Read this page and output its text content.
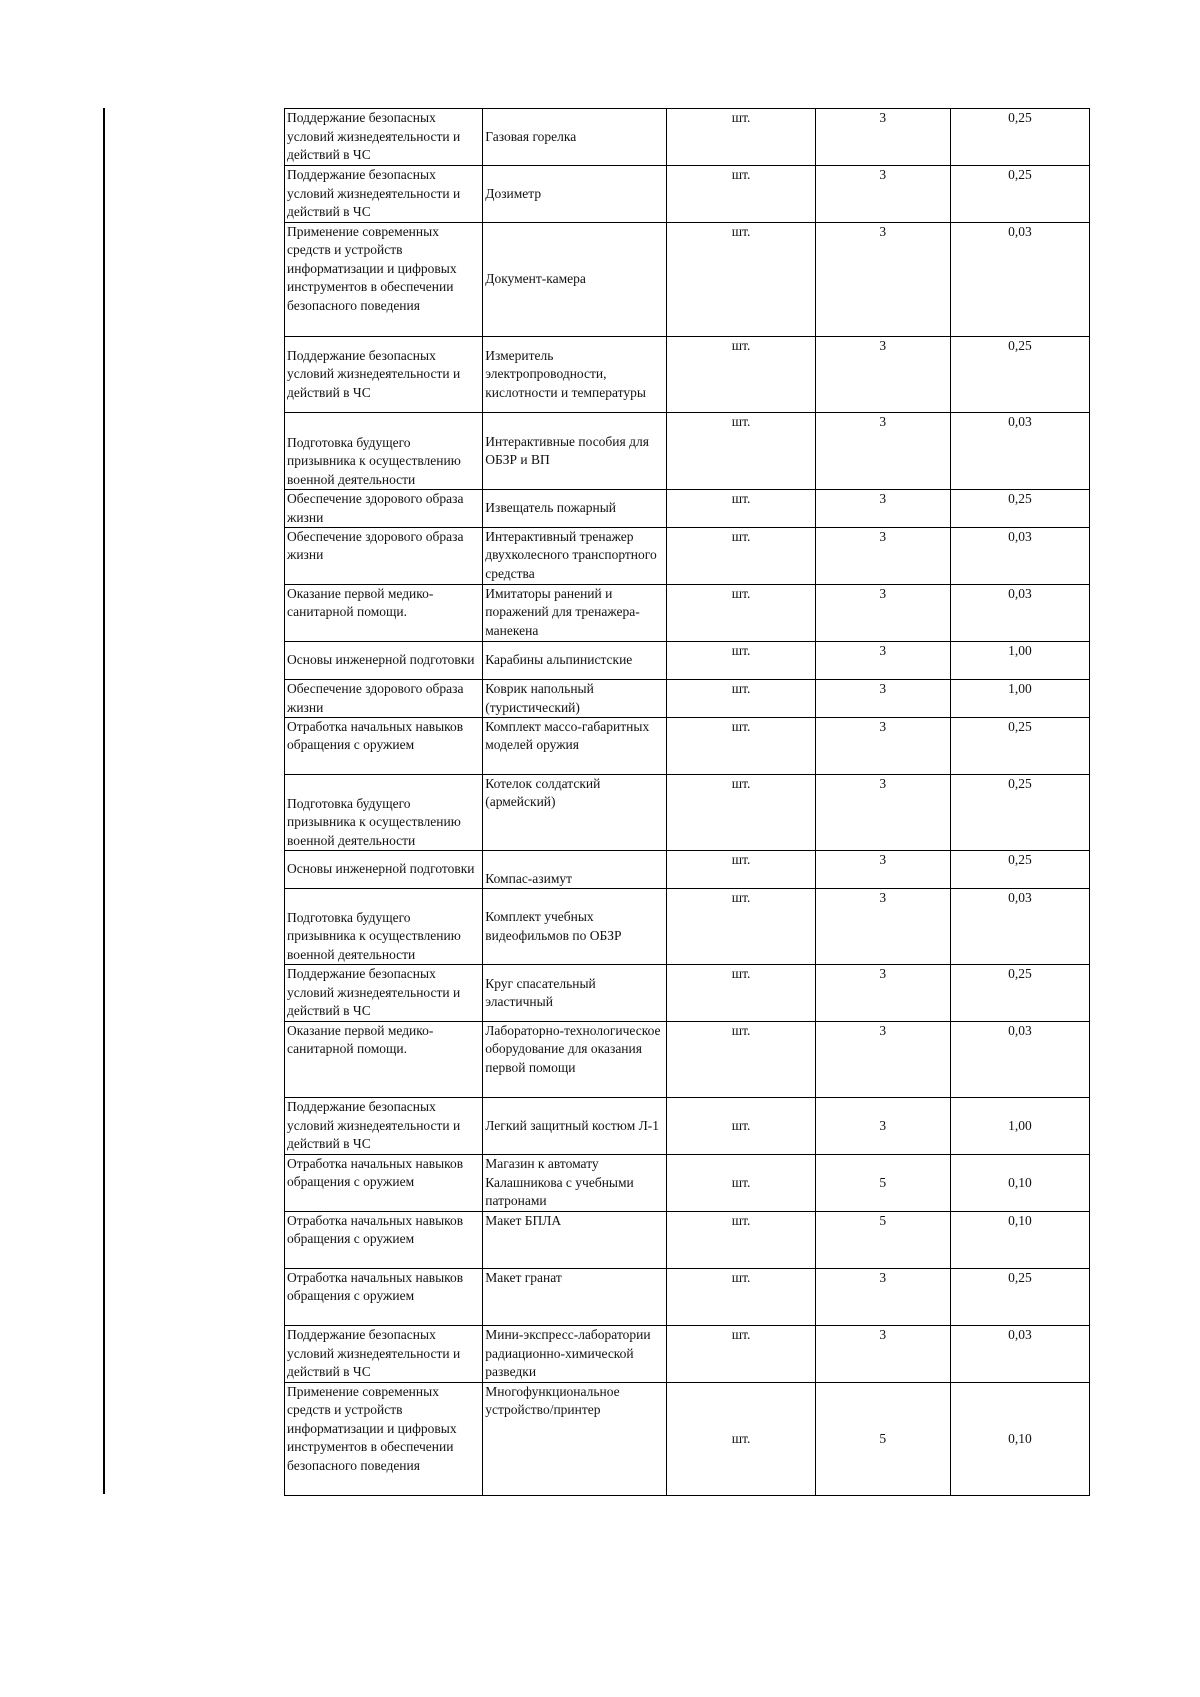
Поддержание безопасных условий жизнедеятельности и действий в ЧС	Газовая горелка	шт.	3	0,25
Поддержание безопасных условий жизнедеятельности и действий в ЧС	Дозиметр	шт.	3	0,25
Применение современных средств и устройств информатизации и цифровых инструментов в обеспечении безопасного поведения	Документ-камера	шт.	3	0,03
Поддержание безопасных условий жизнедеятельности и действий в ЧС	Измеритель электропроводности, кислотности и температуры	шт.	3	0,25
Подготовка будущего призывника к осуществлению военной деятельности	Интерактивные пособия для ОБЗР и ВП	шт.	3	0,03
Обеспечение здорового образа жизни	Извещатель пожарный	шт.	3	0,25
Обеспечение здорового образа жизни	Интерактивный тренажер двухколесного транспортного средства	шт.	3	0,03
Оказание первой медико-санитарной помощи.	Имитаторы ранений и поражений для тренажера-манекена	шт.	3	0,03
Основы инженерной подготовки	Карабины альпинистские	шт.	3	1,00
Обеспечение здорового образа жизни	Коврик напольный (туристический)	шт.	3	1,00
Отработка начальных навыков обращения с оружием	Комплект массо-габаритных моделей оружия	шт.	3	0,25
Подготовка будущего призывника к осуществлению военной деятельности	Котелок солдатский (армейский)	шт.	3	0,25
Основы инженерной подготовки	Компас-азимут	шт.	3	0,25
Подготовка будущего призывника к осуществлению военной деятельности	Комплект учебных видеофильмов по ОБЗР	шт.	3	0,03
Поддержание безопасных условий жизнедеятельности и действий в ЧС	Круг спасательный эластичный	шт.	3	0,25
Оказание первой медико-санитарной помощи.	Лабораторно-технологическое оборудование для оказания первой помощи	шт.	3	0,03
Поддержание безопасных условий жизнедеятельности и действий в ЧС	Легкий защитный костюм Л-1	шт.	3	1,00
Отработка начальных навыков обращения с оружием	Магазин к автомату Калашникова с учебными патронами	шт.	5	0,10
Отработка начальных навыков обращения с оружием	Макет БПЛА	шт.	5	0,10
Отработка начальных навыков обращения с оружием	Макет гранат	шт.	3	0,25
Поддержание безопасных условий жизнедеятельности и действий в ЧС	Мини-экспресс-лаборатории радиационно-химической разведки	шт.	3	0,03
Применение современных средств и устройств информатизации и цифровых инструментов в обеспечении безопасного поведения	Многофункциональное устройство/принтер	шт.	5	0,10
